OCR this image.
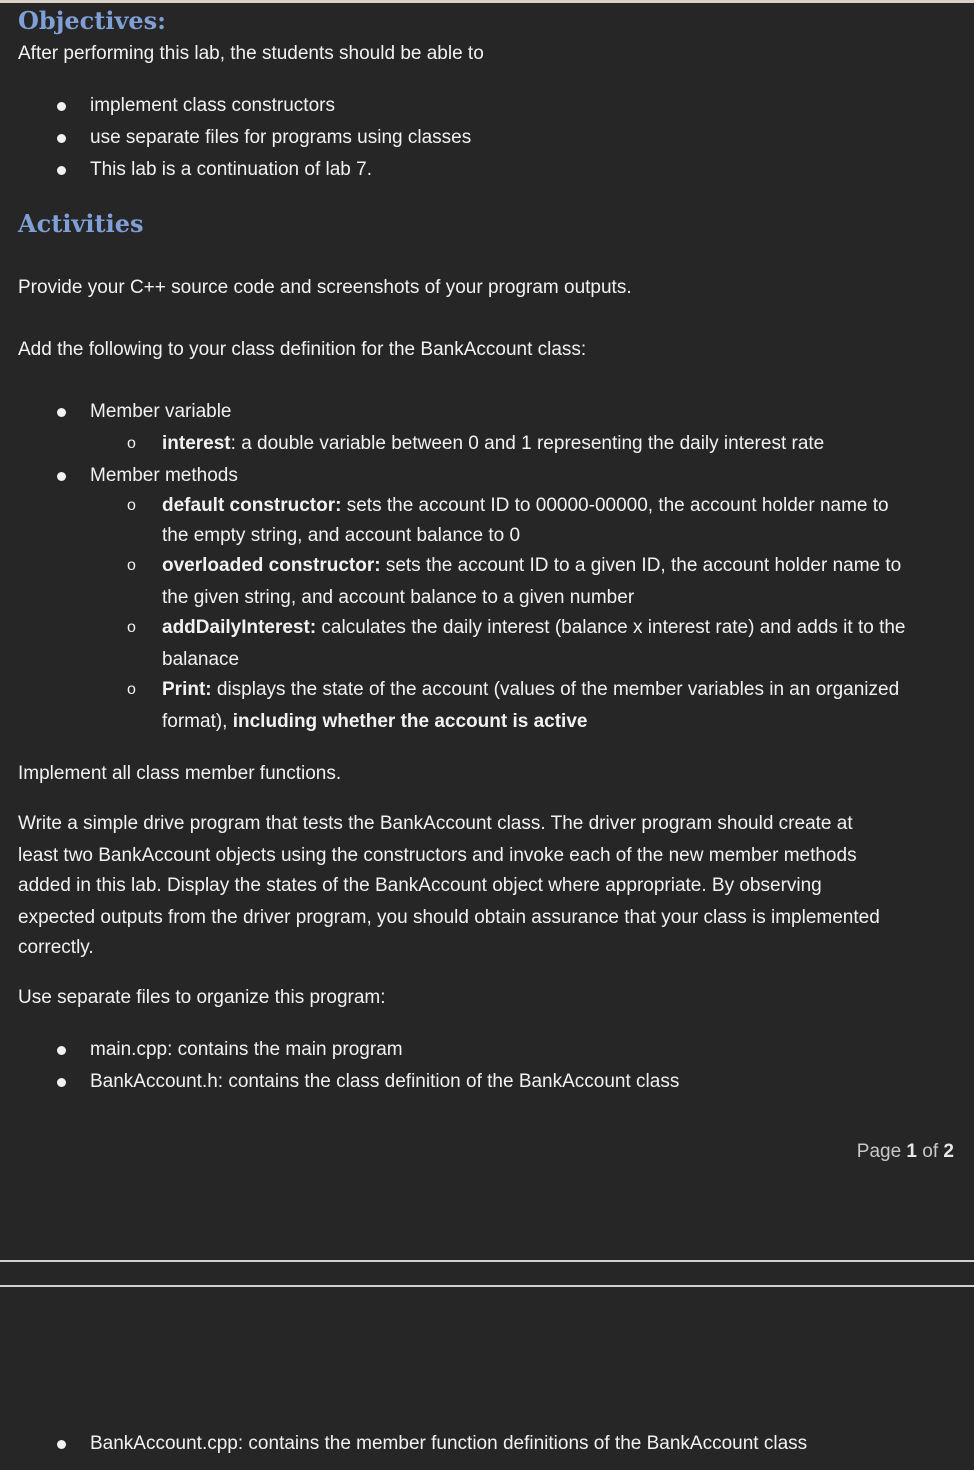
Objectives:
After performing this lab, the students should be able to
implement class constructors
use separate files for programs using classes
This lab is a continuation of lab 7.
Activities
Provide your C++ source code and screenshots of your program outputs.
Add the following to your class definition for the BankAccount class:
Member variable
o interest: a double variable between 0 and 1 representing the daily interest rate
Member methods
o default constructor: sets the account ID to 00000-00000, the account holder name to
the empty string, and account balance to 0
o overloaded constructor: sets the account ID to a given ID, the account holder name to
the given string, and account balance to a given number
o addDailyInterest: calculates the daily interest (balance x interest rate) and adds it to the
balanace
o Print: displays the state of the account (values of the member variables in an organized
format), including whether the account is active
Implement all class member functions.
Write a simple drive program that tests the BankAccount class. The driver program should create at
least two BankAccount objects using the constructors and invoke each of the new member methods
added in this lab. Display the states of the BankAccount object where appropriate. By observing
expected outputs from the driver program, you should obtain assurance that your class is implemented
correctly.
Use separate files to organize this program:
main.cpp: contains the main program
BankAccount.h: contains the class definition of the BankAccount class
Page 1 of 2
BankAccount.cpp: contains the member function definitions of the BankAccount class
